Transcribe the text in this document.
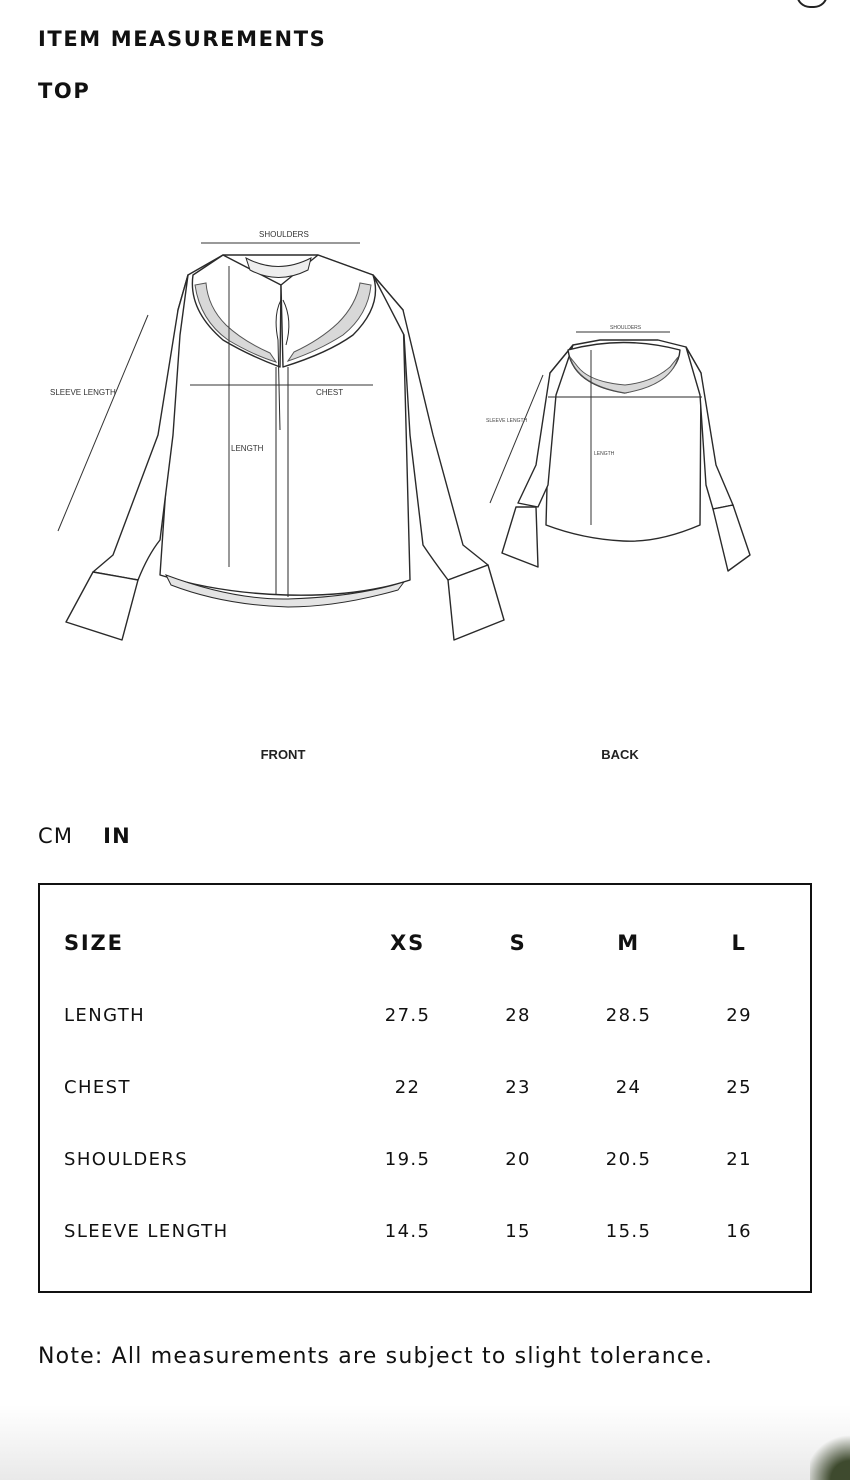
ITEM MEASUREMENTS
TOP
SHOULDERS
CHEST
LENGTH
SLEEVE LENGTH
SHOULDERS
LENGTH
SLEEVE LENGTH
FRONT	BACK
CM IN
SIZE	XS	S	M	L
LENGTH	27.5	28	28.5	29
CHEST	22	23	24	25
SHOULDERS	19.5	20	20.5	21
SLEEVE LENGTH	14.5	15	15.5	16

Note: All measurements are subject to slight tolerance.
